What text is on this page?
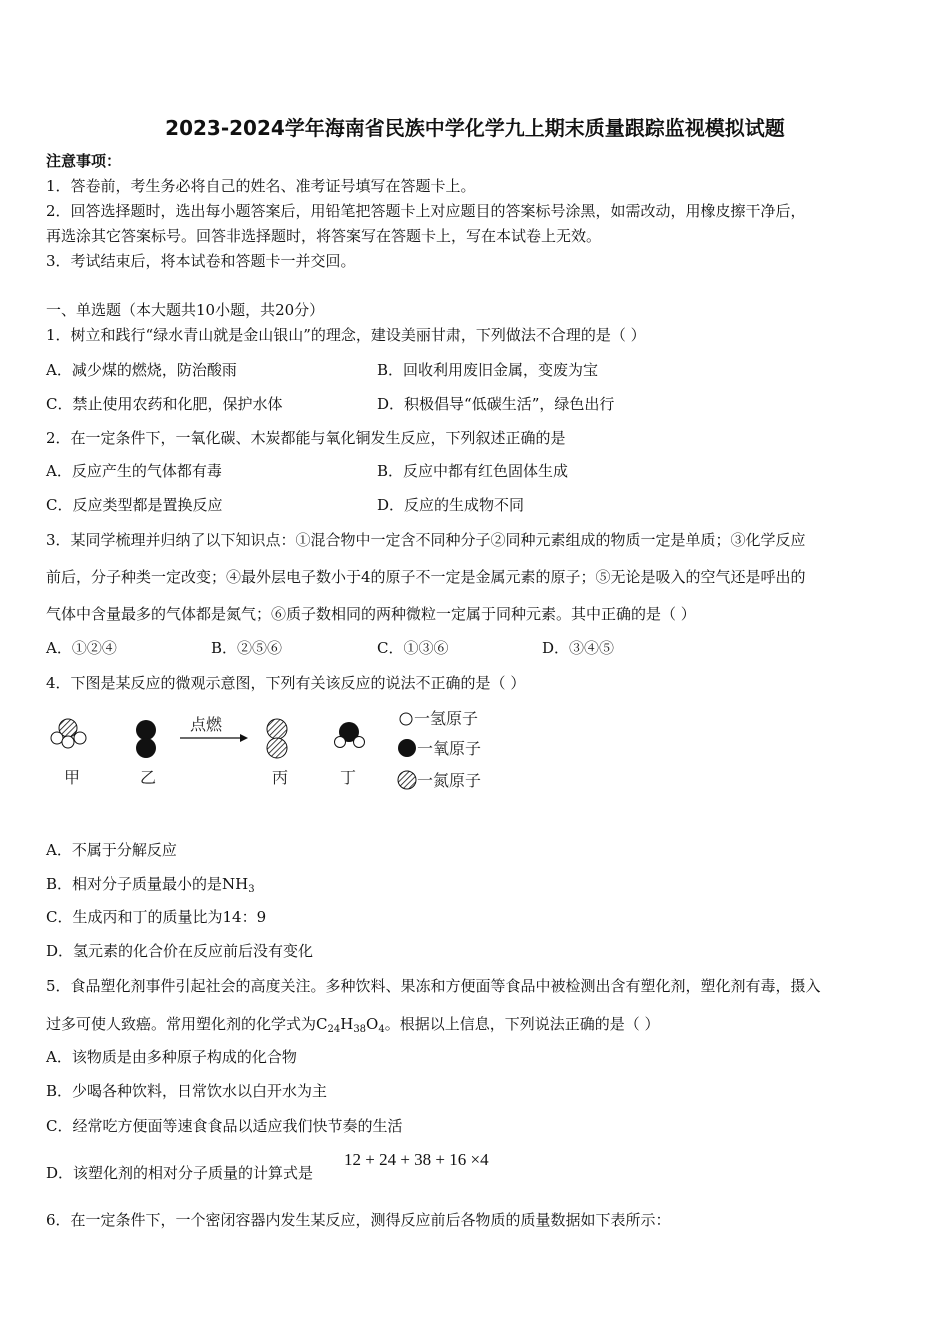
2023-2024学年海南省民族中学化学九上期末质量跟踪监视模拟试题
注意事项：
1．答卷前，考生务必将自己的姓名、准考证号填写在答题卡上。
2．回答选择题时，选出每小题答案后，用铅笔把答题卡上对应题目的答案标号涂黑，如需改动，用橡皮擦干净后，
再选涂其它答案标号。回答非选择题时，将答案写在答题卡上，写在本试卷上无效。
3．考试结束后，将本试卷和答题卡一并交回。
一、单选题（本大题共10小题，共20分）
1．树立和践行“绿水青山就是金山银山”的理念，建设美丽甘肃，下列做法不合理的是（ ）
A．减少煤的燃烧，防治酸雨	B．回收利用废旧金属，变废为宝
C．禁止使用农药和化肥，保护水体	D．积极倡导“低碳生活”，绿色出行
2．在一定条件下，一氧化碳、木炭都能与氧化铜发生反应，下列叙述正确的是
A．反应产生的气体都有毒	B．反应中都有红色固体生成
C．反应类型都是置换反应	D．反应的生成物不同
3．某同学梳理并归纳了以下知识点：①混合物中一定含不同种分子②同种元素组成的物质一定是单质；③化学反应
前后，分子种类一定改变；④最外层电子数小于4的原子不一定是金属元素的原子；⑤无论是吸入的空气还是呼出的
气体中含量最多的气体都是氮气；⑥质子数相同的两种微粒一定属于同种元素。其中正确的是（ ）
A．①②④	B．②⑤⑥	C．①③⑥	D．③④⑤
4．下图是某反应的微观示意图，下列有关该反应的说法不正确的是（ ）
点燃
甲	乙	丙	丁
一氢原子
一氧原子
一氮原子
A．不属于分解反应
B．相对分子质量最小的是$NH_3$
C．生成丙和丁的质量比为14：9
D．氢元素的化合价在反应前后没有变化
5．食品塑化剂事件引起社会的高度关注。多种饮料、果冻和方便面等食品中被检测出含有塑化剂，塑化剂有毒，摄入
过多可使人致癌。常用塑化剂的化学式为$C_{24}H_{38}O_4$。根据以上信息，下列说法正确的是（ ）
A．该物质是由多种原子构成的化合物
B．少喝各种饮料，日常饮水以白开水为主
C．经常吃方便面等速食食品以适应我们快节奏的生活
D．该塑化剂的相对分子质量的计算式是
12 + 24 + 38 + 16 ×4
6．在一定条件下，一个密闭容器内发生某反应，测得反应前后各物质的质量数据如下表所示：
